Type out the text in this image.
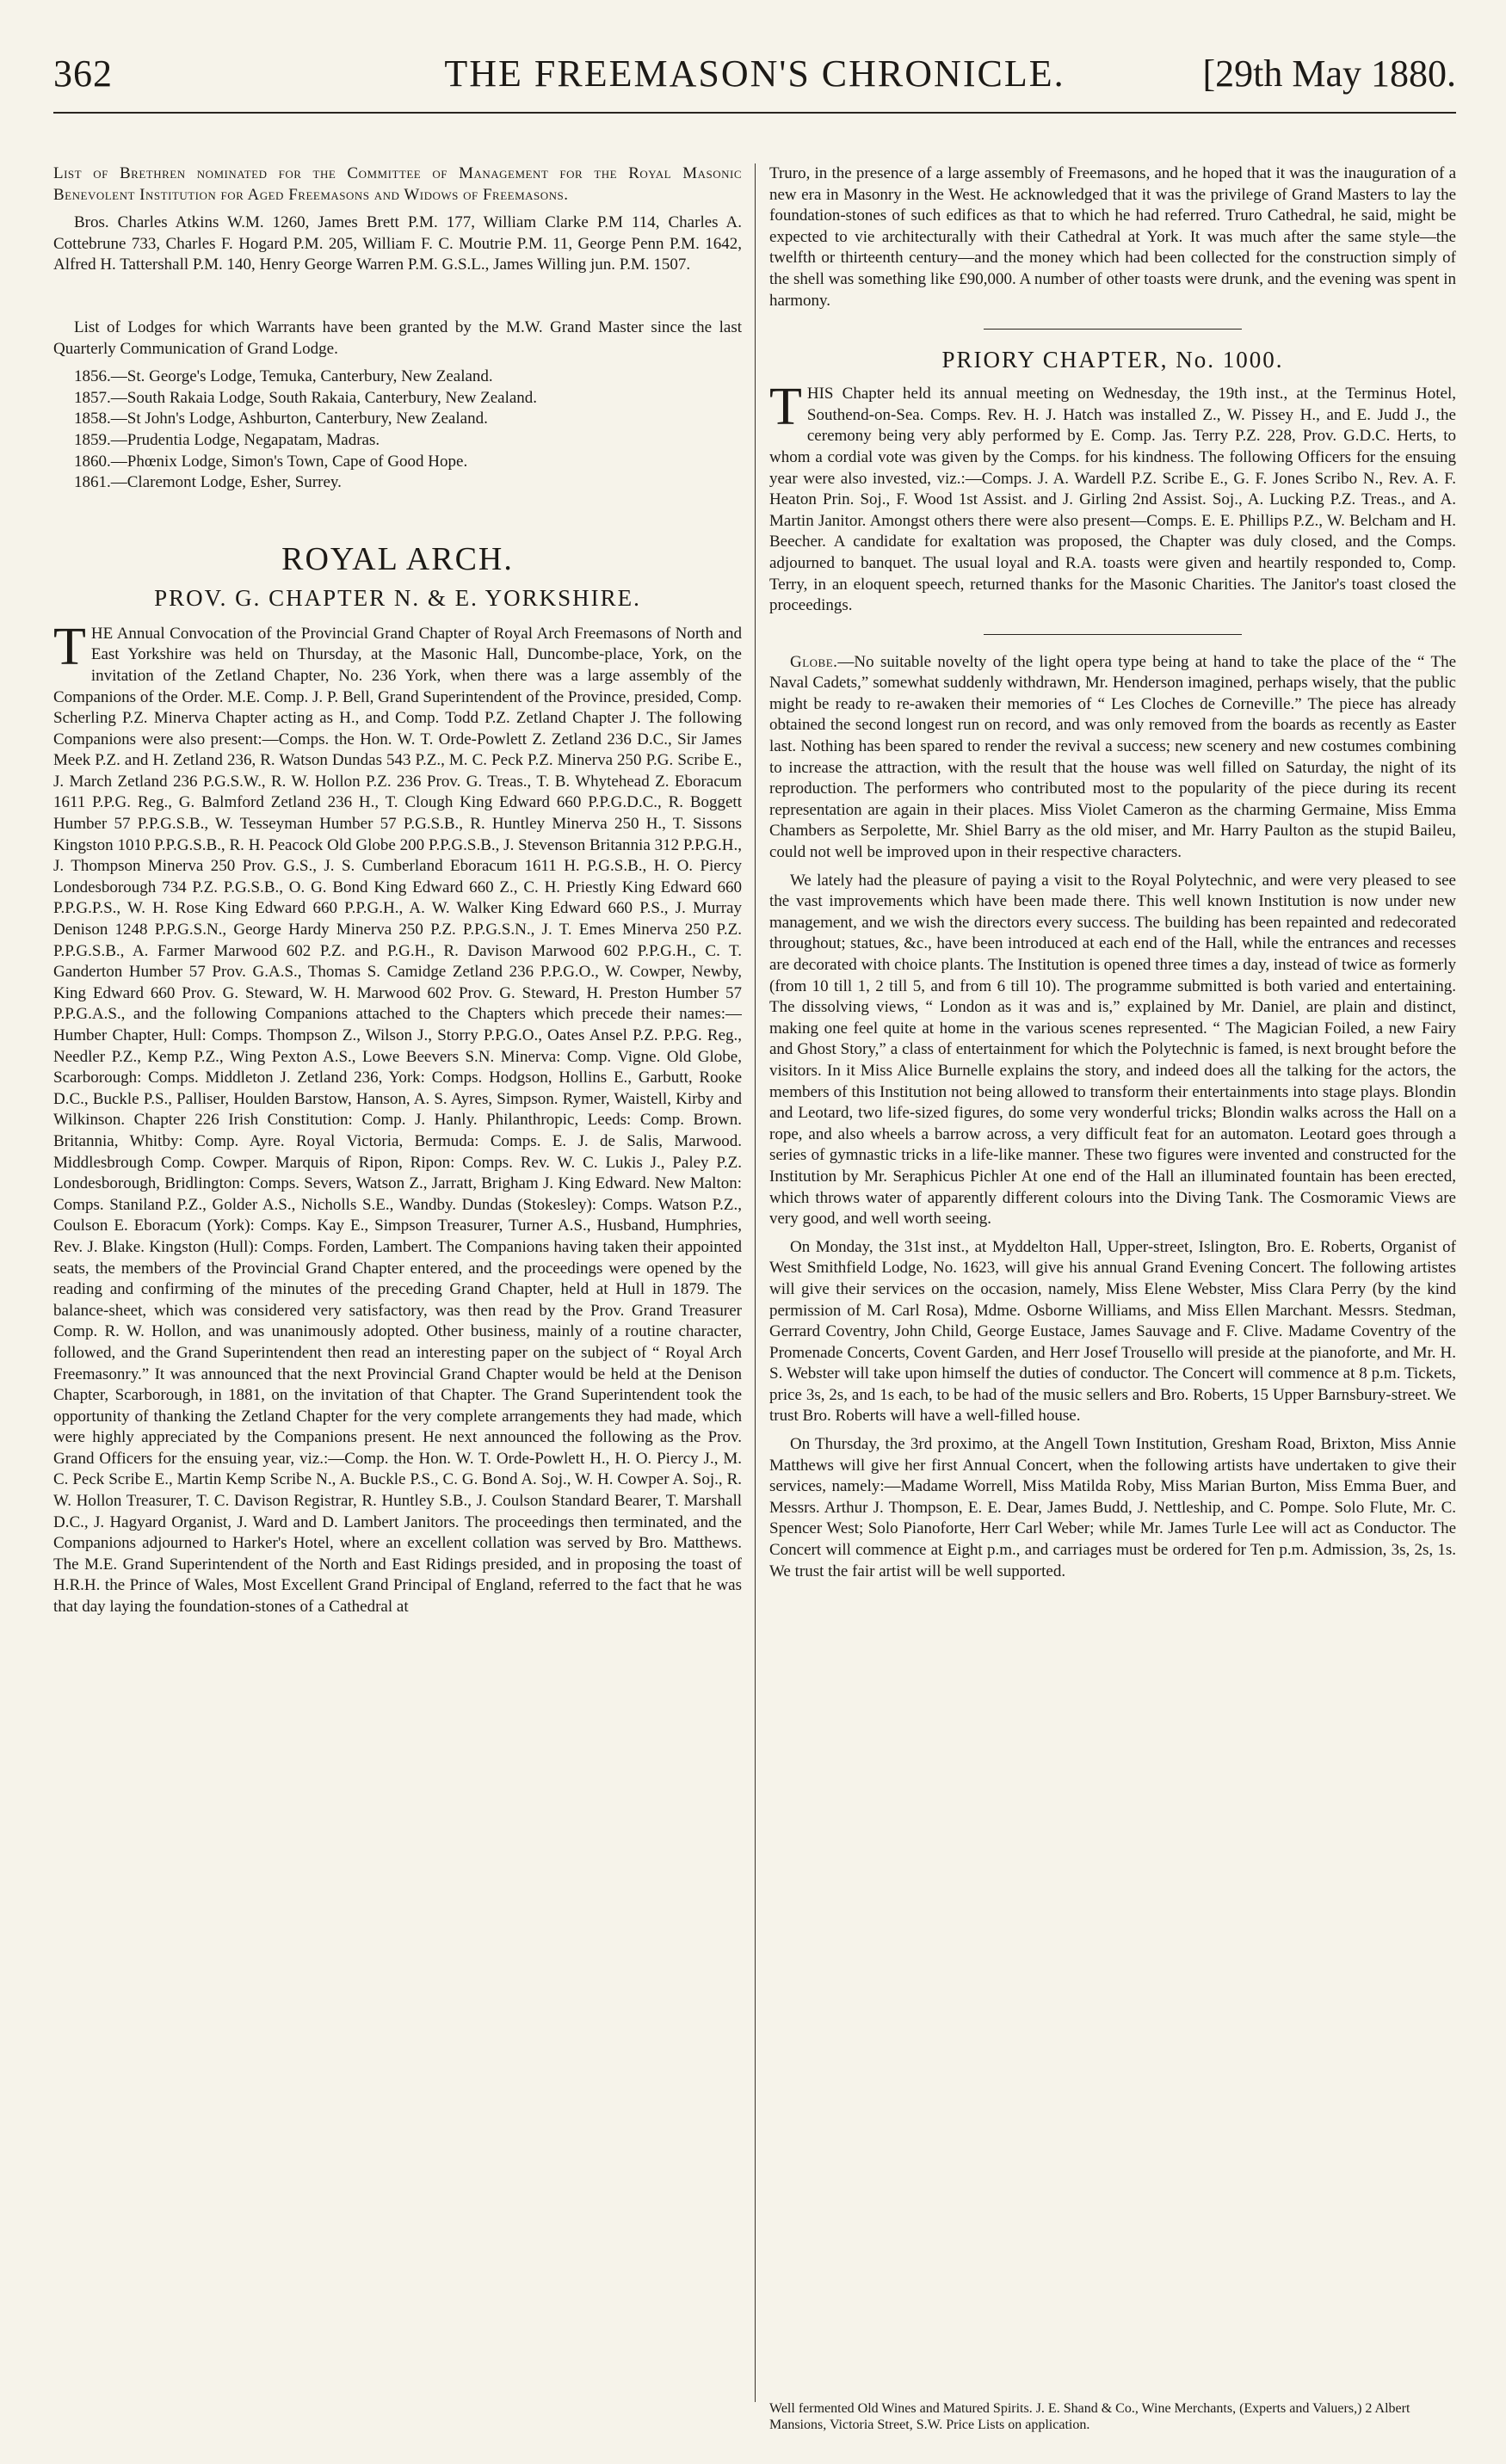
362	THE FREEMASON'S CHRONICLE.	[29th May 1880.

List of Brethren nominated for the Committee of Management for the Royal Masonic Benevolent Institution for Aged Freemasons and Widows of Freemasons.

Bros. Charles Atkins W.M. 1260, James Brett P.M. 177, William Clarke P.M 114, Charles A. Cottebrune 733, Charles F. Hogard P.M. 205, William F. C. Moutrie P.M. 11, George Penn P.M. 1642, Alfred H. Tattershall P.M. 140, Henry George Warren P.M. G.S.L., James Willing jun. P.M. 1507.

List of Lodges for which Warrants have been granted by the M.W. Grand Master since the last Quarterly Communication of Grand Lodge.

1856.—St. George's Lodge, Temuka, Canterbury, New Zealand.
1857.—South Rakaia Lodge, South Rakaia, Canterbury, New Zealand.
1858.—St John's Lodge, Ashburton, Canterbury, New Zealand.
1859.—Prudentia Lodge, Negapatam, Madras.
1860.—Phœnix Lodge, Simon's Town, Cape of Good Hope.
1861.—Claremont Lodge, Esher, Surrey.
ROYAL ARCH.
PROV. G. CHAPTER N. & E. YORKSHIRE.

THE Annual Convocation of the Provincial Grand Chapter of Royal Arch Freemasons of North and East Yorkshire was held on Thursday, at the Masonic Hall, Duncombe-place, York, on the invitation of the Zetland Chapter, No. 236 York, when there was a large assembly of the Companions of the Order. M.E. Comp. J. P. Bell, Grand Superintendent of the Province, presided, Comp. Scherling P.Z. Minerva Chapter acting as H., and Comp. Todd P.Z. Zetland Chapter J. The following Companions were also present:—Comps. the Hon. W. T. Orde-Powlett Z. Zetland 236 D.C., Sir James Meek P.Z. and H. Zetland 236, R. Watson Dundas 543 P.Z., M. C. Peck P.Z. Minerva 250 P.G. Scribe E., J. March Zetland 236 P.G.S.W., R. W. Hollon P.Z. 236 Prov. G. Treas., T. B. Whytehead Z. Eboracum 1611 P.P.G. Reg., G. Balmford Zetland 236 H., T. Clough King Edward 660 P.P.G.D.C., R. Boggett Humber 57 P.P.G.S.B., W. Tesseyman Humber 57 P.G.S.B., R. Huntley Minerva 250 H., T. Sissons Kingston 1010 P.P.G.S.B., R. H. Peacock Old Globe 200 P.P.G.S.B., J. Stevenson Britannia 312 P.P.G.H., J. Thompson Minerva 250 Prov. G.S., J. S. Cumberland Eboracum 1611 H. P.G.S.B., H. O. Piercy Londesborough 734 P.Z. P.G.S.B., O. G. Bond King Edward 660 Z., C. H. Priestly King Edward 660 P.P.G.P.S., W. H. Rose King Edward 660 P.P.G.H., A. W. Walker King Edward 660 P.S., J. Murray Denison 1248 P.P.G.S.N., George Hardy Minerva 250 P.Z. P.P.G.S.N., J. T. Emes Minerva 250 P.Z. P.P.G.S.B., A. Farmer Marwood 602 P.Z. and P.G.H., R. Davison Marwood 602 P.P.G.H., C. T. Ganderton Humber 57 Prov. G.A.S., Thomas S. Camidge Zetland 236 P.P.G.O., W. Cowper, Newby, King Edward 660 Prov. G. Steward, W. H. Marwood 602 Prov. G. Steward, H. Preston Humber 57 P.P.G.A.S., and the following Companions attached to the Chapters which precede their names:—Humber Chapter, Hull: Comps. Thompson Z., Wilson J., Storry P.P.G.O., Oates Ansel P.Z. P.P.G. Reg., Needler P.Z., Kemp P.Z., Wing Pexton A.S., Lowe Beevers S.N. Minerva: Comp. Vigne. Old Globe, Scarborough: Comps. Middleton J. Zetland 236, York: Comps. Hodgson, Hollins E., Garbutt, Rooke D.C., Buckle P.S., Palliser, Houlden Barstow, Hanson, A. S. Ayres, Simpson. Rymer, Waistell, Kirby and Wilkinson. Chapter 226 Irish Constitution: Comp. J. Hanly. Philanthropic, Leeds: Comp. Brown. Britannia, Whitby: Comp. Ayre. Royal Victoria, Bermuda: Comps. E. J. de Salis, Marwood. Middlesbrough Comp. Cowper. Marquis of Ripon, Ripon: Comps. Rev. W. C. Lukis J., Paley P.Z. Londesborough, Bridlington: Comps. Severs, Watson Z., Jarratt, Brigham J. King Edward. New Malton: Comps. Staniland P.Z., Golder A.S., Nicholls S.E., Wandby. Dundas (Stokesley): Comps. Watson P.Z., Coulson E. Eboracum (York): Comps. Kay E., Simpson Treasurer, Turner A.S., Husband, Humphries, Rev. J. Blake. Kingston (Hull): Comps. Forden, Lambert. The Companions having taken their appointed seats, the members of the Provincial Grand Chapter entered, and the proceedings were opened by the reading and confirming of the minutes of the preceding Grand Chapter, held at Hull in 1879. The balance-sheet, which was considered very satisfactory, was then read by the Prov. Grand Treasurer Comp. R. W. Hollon, and was unanimously adopted. Other business, mainly of a routine character, followed, and the Grand Superintendent then read an interesting paper on the subject of “ Royal Arch Freemasonry.” It was announced that the next Provincial Grand Chapter would be held at the Denison Chapter, Scarborough, in 1881, on the invitation of that Chapter. The Grand Superintendent took the opportunity of thanking the Zetland Chapter for the very complete arrangements they had made, which were highly appreciated by the Companions present. He next announced the following as the Prov. Grand Officers for the ensuing year, viz.:—Comp. the Hon. W. T. Orde-Powlett H., H. O. Piercy J., M. C. Peck Scribe E., Martin Kemp Scribe N., A. Buckle P.S., C. G. Bond A. Soj., W. H. Cowper A. Soj., R. W. Hollon Treasurer, T. C. Davison Registrar, R. Huntley S.B., J. Coulson Standard Bearer, T. Marshall D.C., J. Hagyard Organist, J. Ward and D. Lambert Janitors. The proceedings then terminated, and the Companions adjourned to Harker's Hotel, where an excellent collation was served by Bro. Matthews. The M.E. Grand Superintendent of the North and East Ridings presided, and in proposing the toast of H.R.H. the Prince of Wales, Most Excellent Grand Principal of England, referred to the fact that he was that day laying the foundation-stones of a Cathedral at

Truro, in the presence of a large assembly of Freemasons, and he hoped that it was the inauguration of a new era in Masonry in the West. He acknowledged that it was the privilege of Grand Masters to lay the foundation-stones of such edifices as that to which he had referred. Truro Cathedral, he said, might be expected to vie architecturally with their Cathedral at York. It was much after the same style—the twelfth or thirteenth century—and the money which had been collected for the construction simply of the shell was something like £90,000. A number of other toasts were drunk, and the evening was spent in harmony.

PRIORY CHAPTER, No. 1000.

THIS Chapter held its annual meeting on Wednesday, the 19th inst., at the Terminus Hotel, Southend-on-Sea. Comps. Rev. H. J. Hatch was installed Z., W. Pissey H., and E. Judd J., the ceremony being very ably performed by E. Comp. Jas. Terry P.Z. 228, Prov. G.D.C. Herts, to whom a cordial vote was given by the Comps. for his kindness. The following Officers for the ensuing year were also invested, viz.:—Comps. J. A. Wardell P.Z. Scribe E., G. F. Jones Scribo N., Rev. A. F. Heaton Prin. Soj., F. Wood 1st Assist. and J. Girling 2nd Assist. Soj., A. Lucking P.Z. Treas., and A. Martin Janitor. Amongst others there were also present—Comps. E. E. Phillips P.Z., W. Belcham and H. Beecher. A candidate for exaltation was proposed, the Chapter was duly closed, and the Comps. adjourned to banquet. The usual loyal and R.A. toasts were given and heartily responded to, Comp. Terry, in an eloquent speech, returned thanks for the Masonic Charities. The Janitor's toast closed the proceedings.

Globe.—No suitable novelty of the light opera type being at hand to take the place of the “ The Naval Cadets,” somewhat suddenly withdrawn, Mr. Henderson imagined, perhaps wisely, that the public might be ready to re-awaken their memories of “ Les Cloches de Corneville.” The piece has already obtained the second longest run on record, and was only removed from the boards as recently as Easter last. Nothing has been spared to render the revival a success; new scenery and new costumes combining to increase the attraction, with the result that the house was well filled on Saturday, the night of its reproduction. The performers who contributed most to the popularity of the piece during its recent representation are again in their places. Miss Violet Cameron as the charming Germaine, Miss Emma Chambers as Serpolette, Mr. Shiel Barry as the old miser, and Mr. Harry Paulton as the stupid Baileu, could not well be improved upon in their respective characters.

We lately had the pleasure of paying a visit to the Royal Polytechnic, and were very pleased to see the vast improvements which have been made there. This well known Institution is now under new management, and we wish the directors every success. The building has been repainted and redecorated throughout; statues, &c., have been introduced at each end of the Hall, while the entrances and recesses are decorated with choice plants. The Institution is opened three times a day, instead of twice as formerly (from 10 till 1, 2 till 5, and from 6 till 10). The programme submitted is both varied and entertaining. The dissolving views, “ London as it was and is,” explained by Mr. Daniel, are plain and distinct, making one feel quite at home in the various scenes represented. “ The Magician Foiled, a new Fairy and Ghost Story,” a class of entertainment for which the Polytechnic is famed, is next brought before the visitors. In it Miss Alice Burnelle explains the story, and indeed does all the talking for the actors, the members of this Institution not being allowed to transform their entertainments into stage plays. Blondin and Leotard, two life-sized figures, do some very wonderful tricks; Blondin walks across the Hall on a rope, and also wheels a barrow across, a very difficult feat for an automaton. Leotard goes through a series of gymnastic tricks in a life-like manner. These two figures were invented and constructed for the Institution by Mr. Seraphicus Pichler At one end of the Hall an illuminated fountain has been erected, which throws water of apparently different colours into the Diving Tank. The Cosmoramic Views are very good, and well worth seeing.

On Monday, the 31st inst., at Myddelton Hall, Upper-street, Islington, Bro. E. Roberts, Organist of West Smithfield Lodge, No. 1623, will give his annual Grand Evening Concert. The following artistes will give their services on the occasion, namely, Miss Elene Webster, Miss Clara Perry (by the kind permission of M. Carl Rosa), Mdme. Osborne Williams, and Miss Ellen Marchant. Messrs. Stedman, Gerrard Coventry, John Child, George Eustace, James Sauvage and F. Clive. Madame Coventry of the Promenade Concerts, Covent Garden, and Herr Josef Trousello will preside at the pianoforte, and Mr. H. S. Webster will take upon himself the duties of conductor. The Concert will commence at 8 p.m. Tickets, price 3s, 2s, and 1s each, to be had of the music sellers and Bro. Roberts, 15 Upper Barnsbury-street. We trust Bro. Roberts will have a well-filled house.

On Thursday, the 3rd proximo, at the Angell Town Institution, Gresham Road, Brixton, Miss Annie Matthews will give her first Annual Concert, when the following artists have undertaken to give their services, namely:—Madame Worrell, Miss Matilda Roby, Miss Marian Burton, Miss Emma Buer, and Messrs. Arthur J. Thompson, E. E. Dear, James Budd, J. Nettleship, and C. Pompe. Solo Flute, Mr. C. Spencer West; Solo Pianoforte, Herr Carl Weber; while Mr. James Turle Lee will act as Conductor. The Concert will commence at Eight p.m., and carriages must be ordered for Ten p.m. Admission, 3s, 2s, 1s. We trust the fair artist will be well supported.

Well fermented Old Wines and Matured Spirits. J. E. Shand & Co., Wine Merchants, (Experts and Valuers,) 2 Albert Mansions, Victoria Street, S.W. Price Lists on application.
